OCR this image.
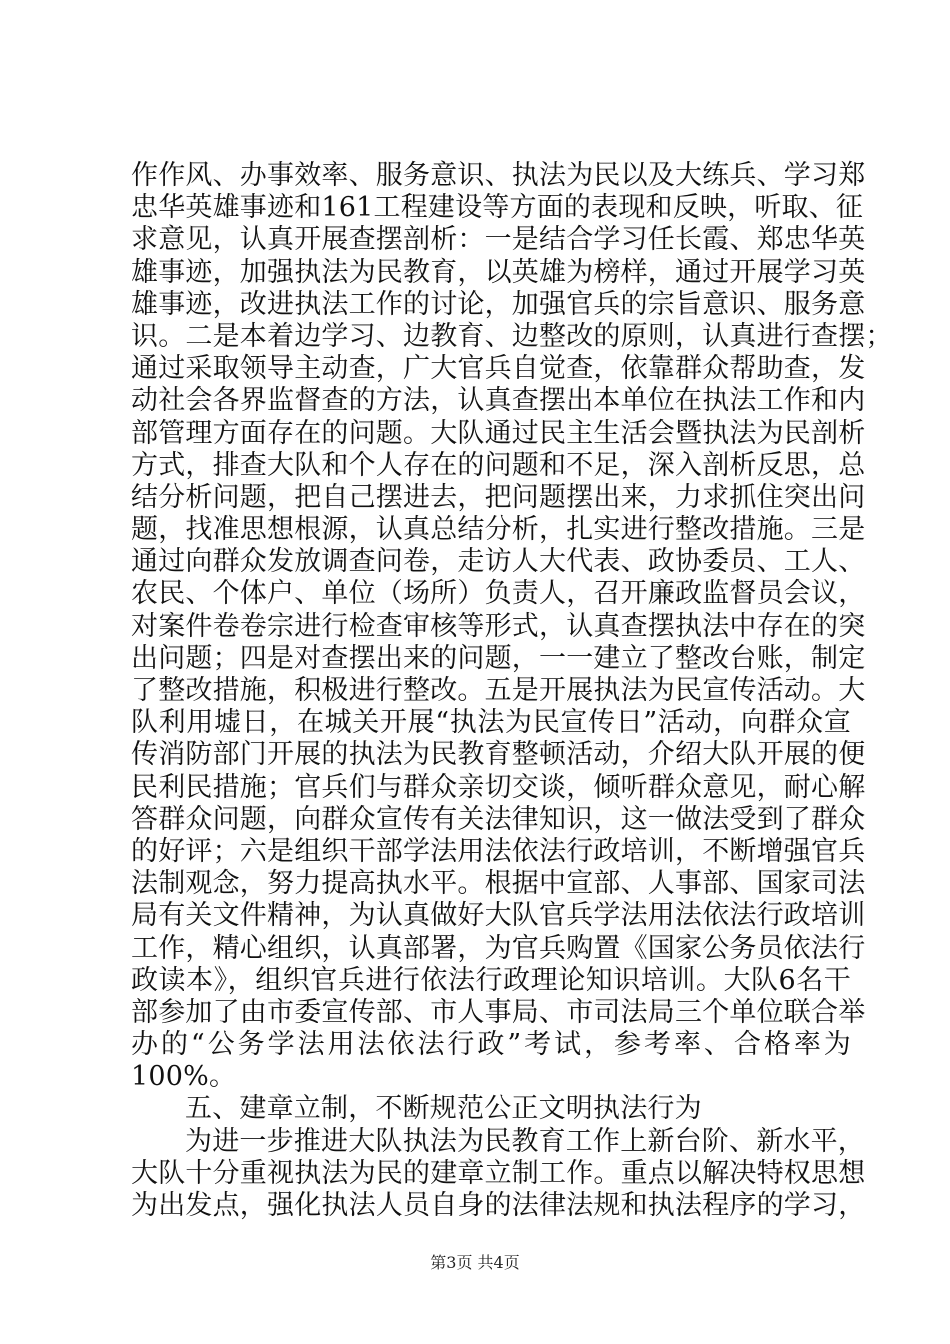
作作风、办事效率、服务意识、执法为民以及大练兵、学习郑
忠华英雄事迹和161工程建设等方面的表现和反映，听取、征
求意见，认真开展查摆剖析：一是结合学习任长霞、郑忠华英
雄事迹，加强执法为民教育，以英雄为榜样，通过开展学习英
雄事迹，改进执法工作的讨论，加强官兵的宗旨意识、服务意
识。二是本着边学习、边教育、边整改的原则，认真进行查摆；
通过采取领导主动查，广大官兵自觉查，依靠群众帮助查，发
动社会各界监督查的方法，认真查摆出本单位在执法工作和内
部管理方面存在的问题。大队通过民主生活会暨执法为民剖析
方式，排查大队和个人存在的问题和不足，深入剖析反思，总
结分析问题，把自己摆进去，把问题摆出来，力求抓住突出问
题，找准思想根源，认真总结分析，扎实进行整改措施。三是
通过向群众发放调查问卷，走访人大代表、政协委员、工人、
农民、个体户、单位（场所）负责人，召开廉政监督员会议，
对案件卷卷宗进行检查审核等形式，认真查摆执法中存在的突
出问题；四是对查摆出来的问题，一一建立了整改台账，制定
了整改措施，积极进行整改。五是开展执法为民宣传活动。大
队利用墟日，在城关开展“执法为民宣传日”活动，向群众宣
传消防部门开展的执法为民教育整顿活动，介绍大队开展的便
民利民措施；官兵们与群众亲切交谈，倾听群众意见，耐心解
答群众问题，向群众宣传有关法律知识，这一做法受到了群众
的好评；六是组织干部学法用法依法行政培训，不断增强官兵
法制观念，努力提高执水平。根据中宣部、人事部、国家司法
局有关文件精神，为认真做好大队官兵学法用法依法行政培训
工作，精心组织，认真部署，为官兵购置《国家公务员依法行
政读本》，组织官兵进行依法行政理论知识培训。大队6名干
部参加了由市委宣传部、市人事局、市司法局三个单位联合举
办的“公务学法用法依法行政”考试，参考率、合格率为
100%。
五、建章立制，不断规范公正文明执法行为
为进一步推进大队执法为民教育工作上新台阶、新水平，
大队十分重视执法为民的建章立制工作。重点以解决特权思想
为出发点，强化执法人员自身的法律法规和执法程序的学习，
第3页 共4页
